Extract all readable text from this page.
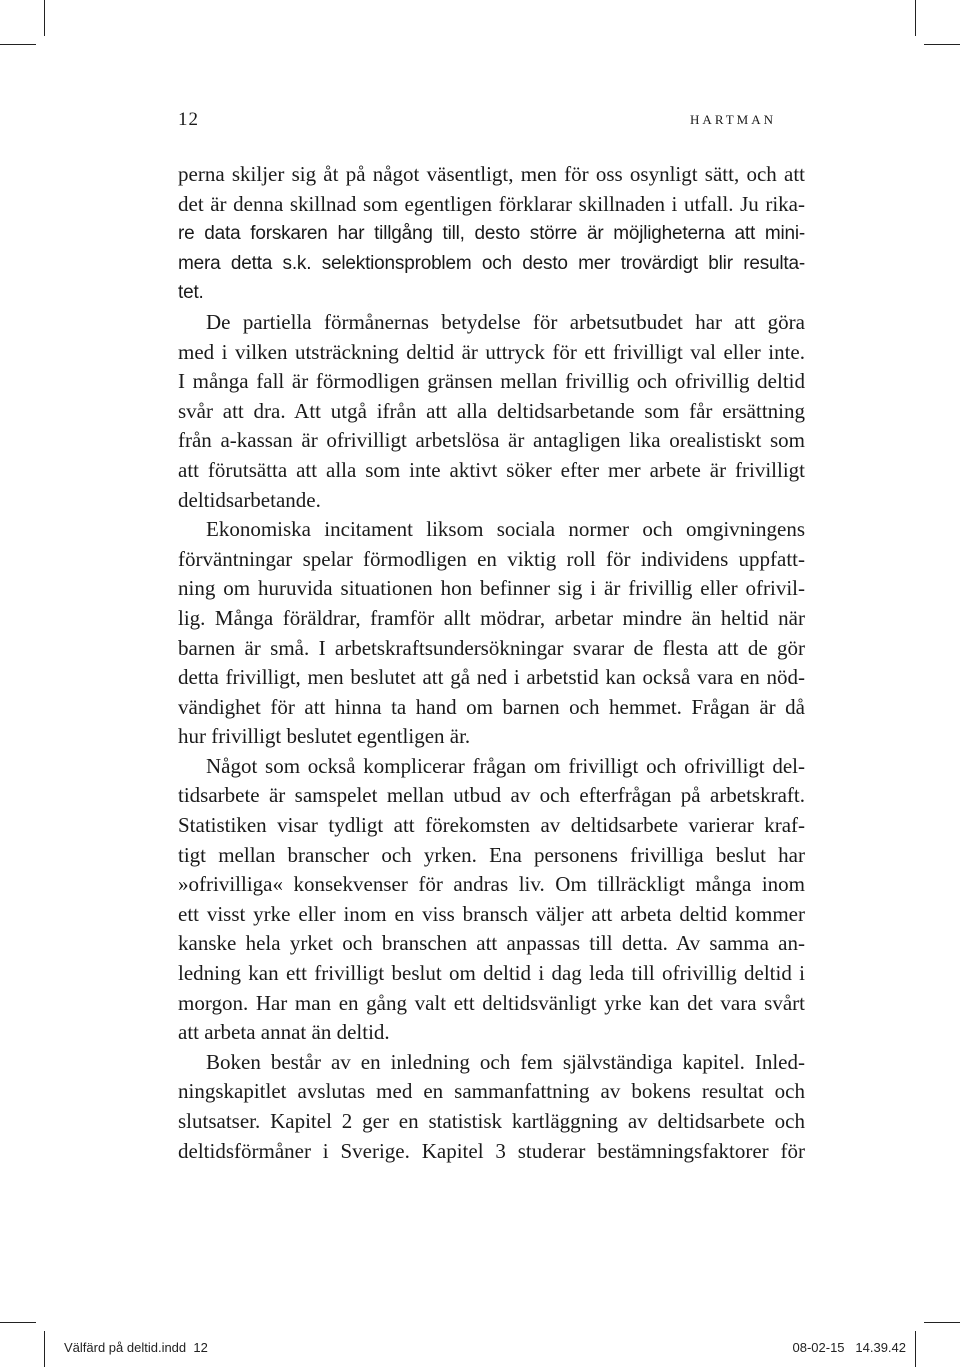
12	HARTMAN
perna skiljer sig åt på något väsentligt, men för oss osynligt sätt, och att
det är denna skillnad som egentligen förklarar skillnaden i utfall. Ju rika-
re data forskaren har tillgång till, desto större är möjligheterna att mini-
mera detta s.k. selektionsproblem och desto mer trovärdigt blir resulta-
tet.
De partiella förmånernas betydelse för arbetsutbudet har att göra
med i vilken utsträckning deltid är uttryck för ett frivilligt val eller inte.
I många fall är förmodligen gränsen mellan frivillig och ofrivillig deltid
svår att dra. Att utgå ifrån att alla deltidsarbetande som får ersättning
från a-kassan är ofrivilligt arbetslösa är antagligen lika orealistiskt som
att förutsätta att alla som inte aktivt söker efter mer arbete är frivilligt
deltidsarbetande.
Ekonomiska incitament liksom sociala normer och omgivningens
förväntningar spelar förmodligen en viktig roll för individens uppfatt-
ning om huruvida situationen hon befinner sig i är frivillig eller ofrivil-
lig. Många föräldrar, framför allt mödrar, arbetar mindre än heltid när
barnen är små. I arbetskraftsundersökningar svarar de flesta att de gör
detta frivilligt, men beslutet att gå ned i arbetstid kan också vara en nöd-
vändighet för att hinna ta hand om barnen och hemmet. Frågan är då
hur frivilligt beslutet egentligen är.
Något som också komplicerar frågan om frivilligt och ofrivilligt del-
tidsarbete är samspelet mellan utbud av och efterfrågan på arbetskraft.
Statistiken visar tydligt att förekomsten av deltidsarbete varierar kraf-
tigt mellan branscher och yrken. Ena personens frivilliga beslut har
»ofrivilliga« konsekvenser för andras liv. Om tillräckligt många inom
ett visst yrke eller inom en viss bransch väljer att arbeta deltid kommer
kanske hela yrket och branschen att anpassas till detta. Av samma an-
ledning kan ett frivilligt beslut om deltid i dag leda till ofrivillig deltid i
morgon. Har man en gång valt ett deltidsvänligt yrke kan det vara svårt
att arbeta annat än deltid.
Boken består av en inledning och fem självständiga kapitel. Inled-
ningskapitlet avslutas med en sammanfattning av bokens resultat och
slutsatser. Kapitel 2 ger en statistisk kartläggning av deltidsarbete och
deltidsförmåner i Sverige. Kapitel 3 studerar bestämningsfaktorer för
Välfärd på deltid.indd 12	08-02-15 14.39.42
